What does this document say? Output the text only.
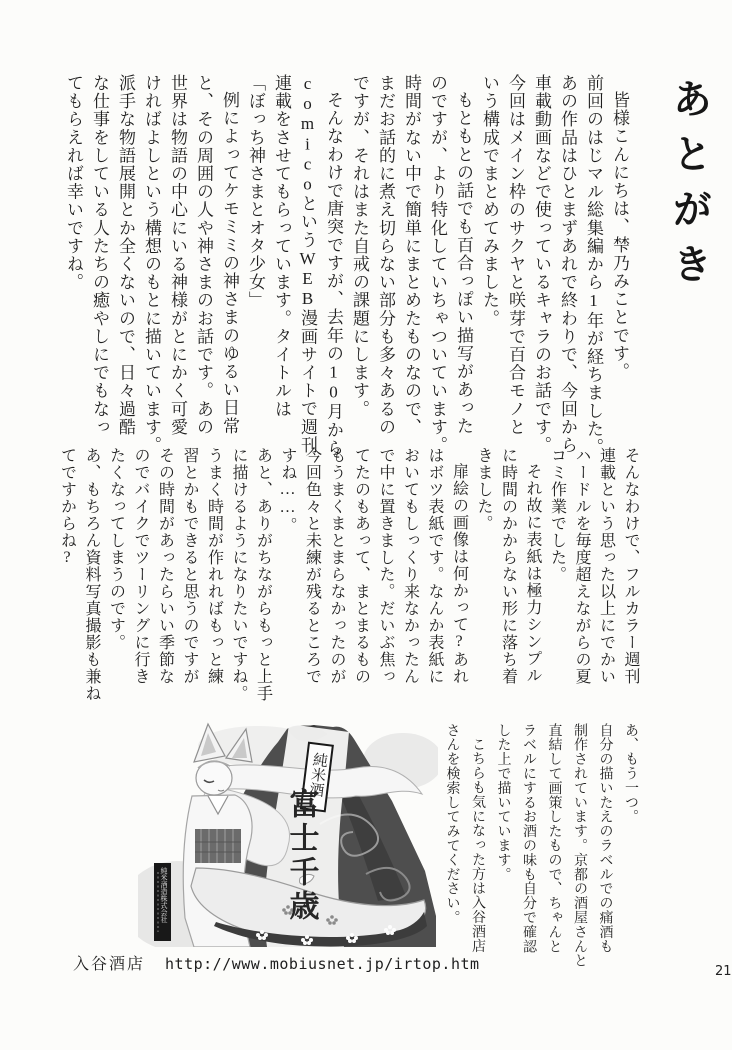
あとがき

皆様こんにちは、梺乃みことです。

前回のはじマル総集編から1年が経ちました。

あの作品はひとまずあれで終わりで、今回から

車載動画などで使っているキャラのお話です。

今回はメイン枠のサクヤと咲芽で百合モノと

いう構成でまとめてみました。

もともとの話でも百合っぽい描写があった

のですが、より特化していちゃついています。

時間がない中で簡単にまとめたものなので、

まだお話的に煮え切らない部分も多々あるの

ですが、それはまた自戒の課題にします。

そんなわけで唐突ですが、去年の10月から

comicoというWEB漫画サイトで週刊

連載をさせてもらっています。タイトルは

「ぼっち神さまとオタ少女」

例によってケモミミの神さまのゆるい日常

と、その周囲の人や神さまのお話です。あの

世界は物語の中心にいる神様がとにかく可愛

ければよしという構想のもとに描いています。

派手な物語展開とか全くないので、日々過酷

な仕事をしている人たちの癒やしにでもなっ

てもらえれば幸いですね。

そんなわけで、フルカラー週刊

連載という思った以上にでかい

ハードルを毎度超えながらの夏

コミ作業でした。

それ故に表紙は極力シンプル

に時間のかからない形に落ち着

きました。

扉絵の画像は何かって?あれ

はボツ表紙です。なんか表紙に

おいてもしっくり来なかったん

で中に置きました。だいぶ焦っ

てたのもあって、まとまるもの

もうまくまとまらなかったのが

今回色々と未練が残るところで

すね……。

あと、ありがちながらもっと上手

に描けるようになりたいですね。

うまく時間が作れればもっと練

習とかもできると思うのですが

その時間があったらいい季節な

のでバイクでツーリングに行き

たくなってしまうのです。

あ、もちろん資料写真撮影も兼ね

てですからね?

あ、もう一つ。

自分の描いたえのラベルでの痛酒も

制作されています。京都の酒屋さんと

直結して画策したもので、ちゃんと

ラベルにするお酒の味も自分で確認

した上で描いています。

こちらも気になった方は入谷酒店

さんを検索してみてください。

純米酒
富士千歳
純米酒造株式会社
入谷酒店 http://www.mobiusnet.jp/irtop.htm	21
